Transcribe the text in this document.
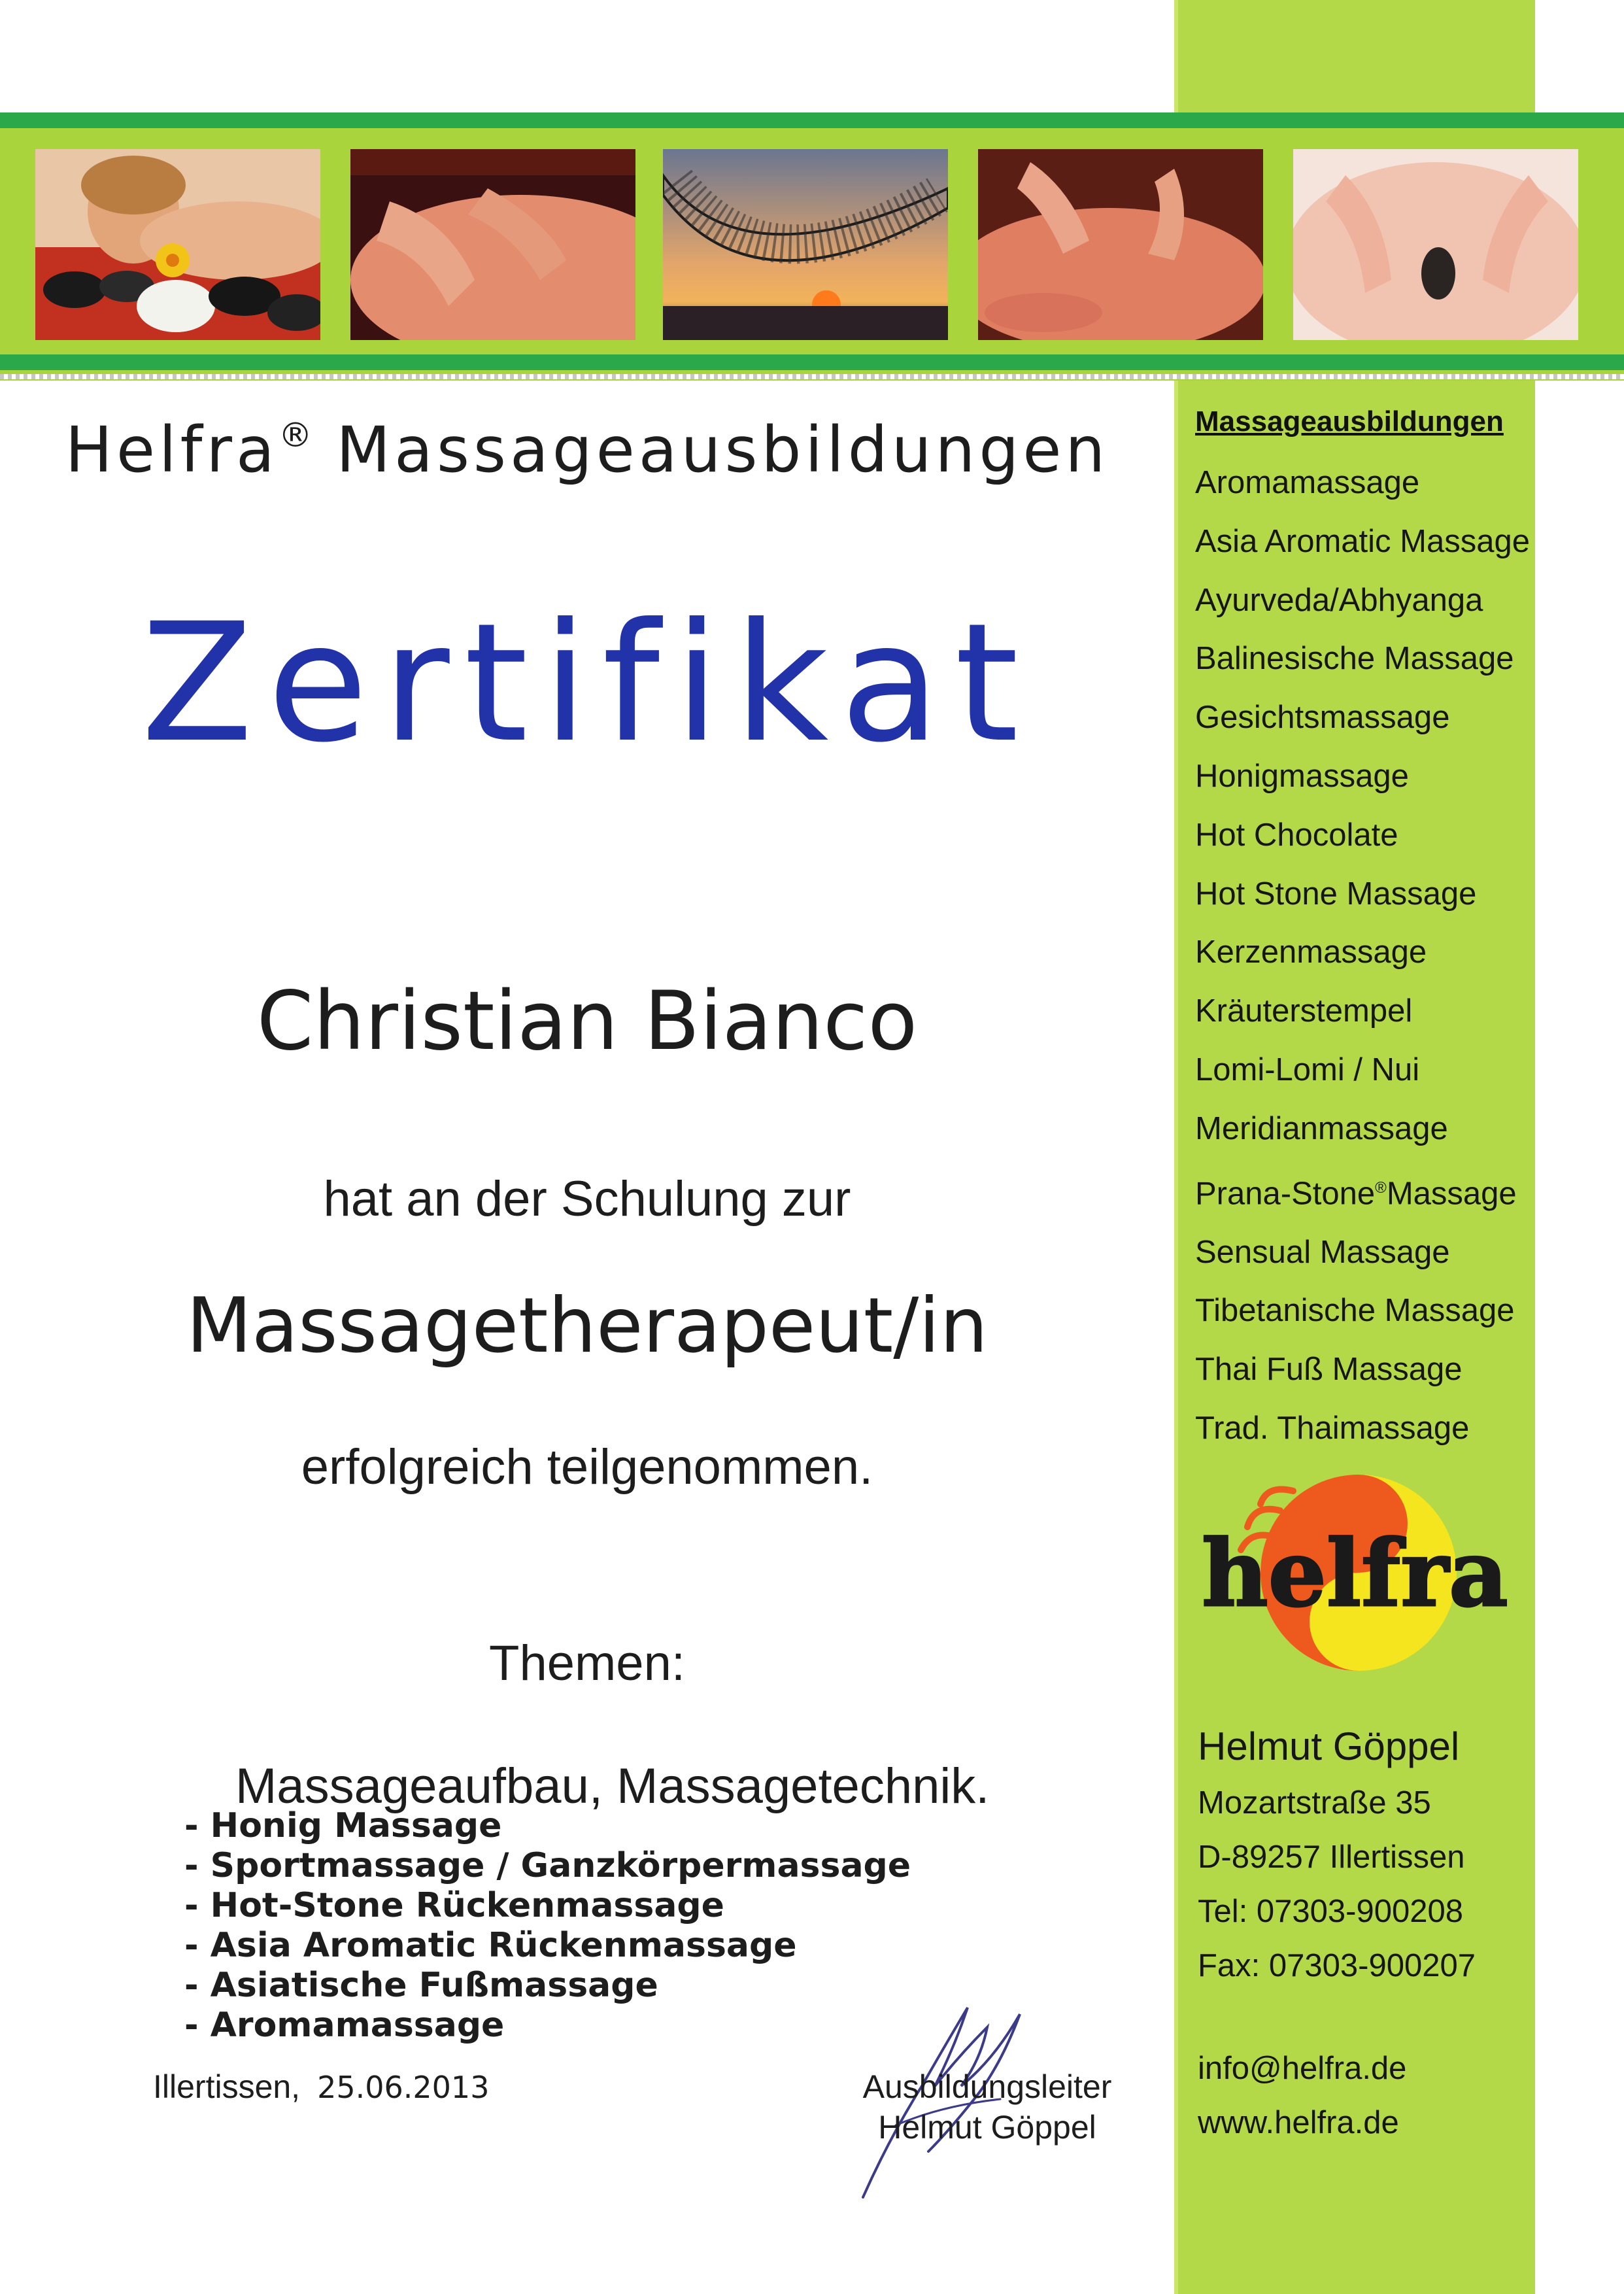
Helfra® Massageausbildungen
Zertifikat
Christian Bianco
hat an der Schulung zur
Massagetherapeut/in
erfolgreich teilgenommen.
Themen:
Massageaufbau, Massagetechnik.
- Honig Massage
- Sportmassage / Ganzkörpermassage
- Hot-Stone Rückenmassage
- Asia Aromatic Rückenmassage
- Asiatische Fußmassage
- Aromamassage
Illertissen, 25.06.2013	Ausbildungsleiter
Helmut Göppel
Massageausbildungen
Aromamassage
Asia Aromatic Massage
Ayurveda/Abhyanga
Balinesische Massage
Gesichtsmassage
Honigmassage
Hot Chocolate
Hot Stone Massage
Kerzenmassage
Kräuterstempel
Lomi-Lomi / Nui
Meridianmassage
Prana-Stone®Massage
Sensual Massage
Tibetanische Massage
Thai Fuß Massage
Trad. Thaimassage
helfra
Helmut Göppel
Mozartstraße 35
D-89257 Illertissen
Tel: 07303-900208
Fax: 07303-900207
info@helfra.de
www.helfra.de
